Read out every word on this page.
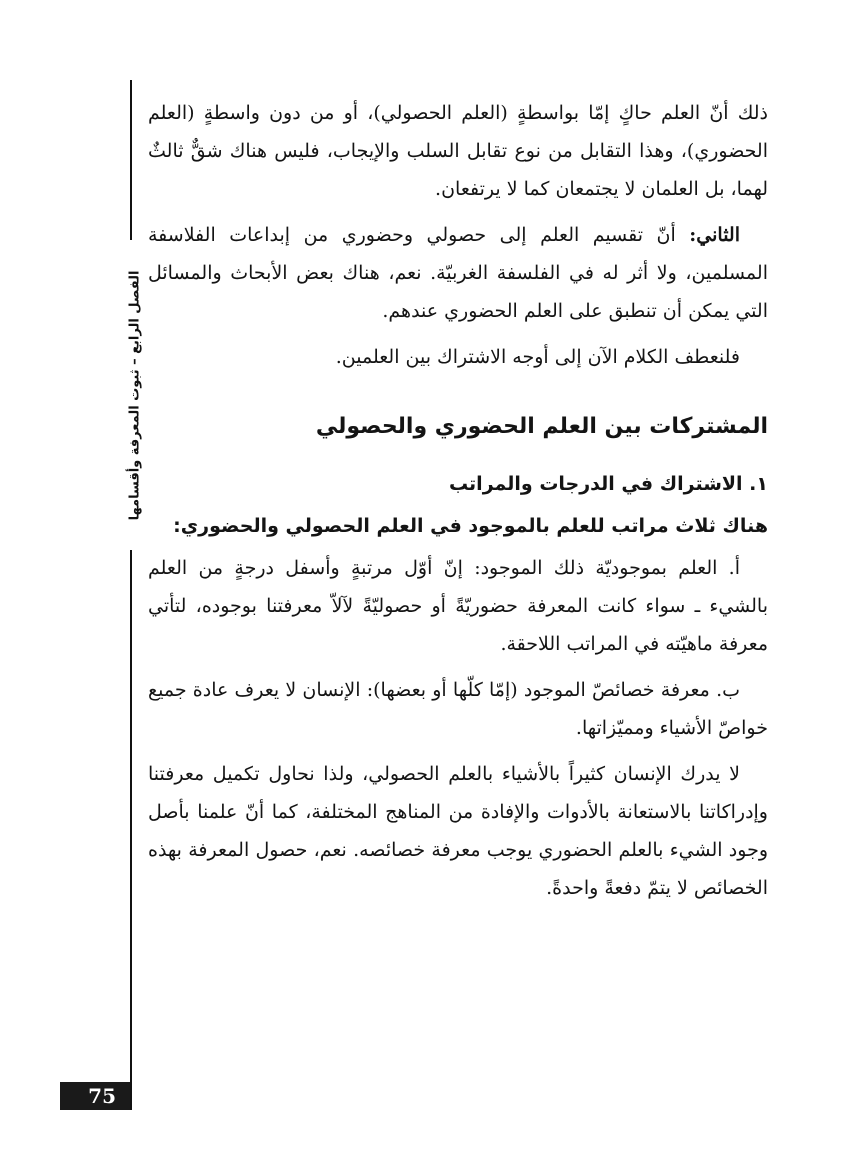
الفصل الرابع – ثبوت المعرفة وأقسامها

ذلك أنّ العلم حاكٍ إمّا بواسطةٍ (العلم الحصولي)، أو من دون واسطةٍ (العلم الحضوري)، وهذا التقابل من نوع تقابل السلب والإيجاب، فليس هناك شقٌّ ثالثٌ لهما، بل العلمان لا يجتمعان كما لا يرتفعان.

الثاني: أنّ تقسيم العلم إلى حصولي وحضوري من إبداعات الفلاسفة المسلمين، ولا أثر له في الفلسفة الغربيّة. نعم، هناك بعض الأبحاث والمسائل التي يمكن أن تنطبق على العلم الحضوري عندهم.

فلنعطف الكلام الآن إلى أوجه الاشتراك بين العلمين.

المشتركات بين العلم الحضوري والحصولي
١. الاشتراك في الدرجات والمراتب
هناك ثلاث مراتب للعلم بالموجود في العلم الحصولي والحضوري:

أ. العلم بموجوديّة ذلك الموجود: إنّ أوّل مرتبةٍ وأسفل درجةٍ من العلم بالشيء ـ سواء كانت المعرفة حضوريّةً أو حصوليّةً لآلاّ معرفتنا بوجوده، لتأتي معرفة ماهيّته في المراتب اللاحقة.

ب. معرفة خصائصّ الموجود (إمّا كلّها أو بعضها): الإنسان لا يعرف عادة جميع خواصّ الأشياء ومميّزاتها.

لا يدرك الإنسان كثيراً بالأشياء بالعلم الحصولي، ولذا نحاول تكميل معرفتنا وإدراكاتنا بالاستعانة بالأدوات والإفادة من المناهج المختلفة، كما أنّ علمنا بأصل وجود الشيء بالعلم الحضوري يوجب معرفة خصائصه. نعم، حصول المعرفة بهذه الخصائص لا يتمّ دفعةً واحدةً.

75
